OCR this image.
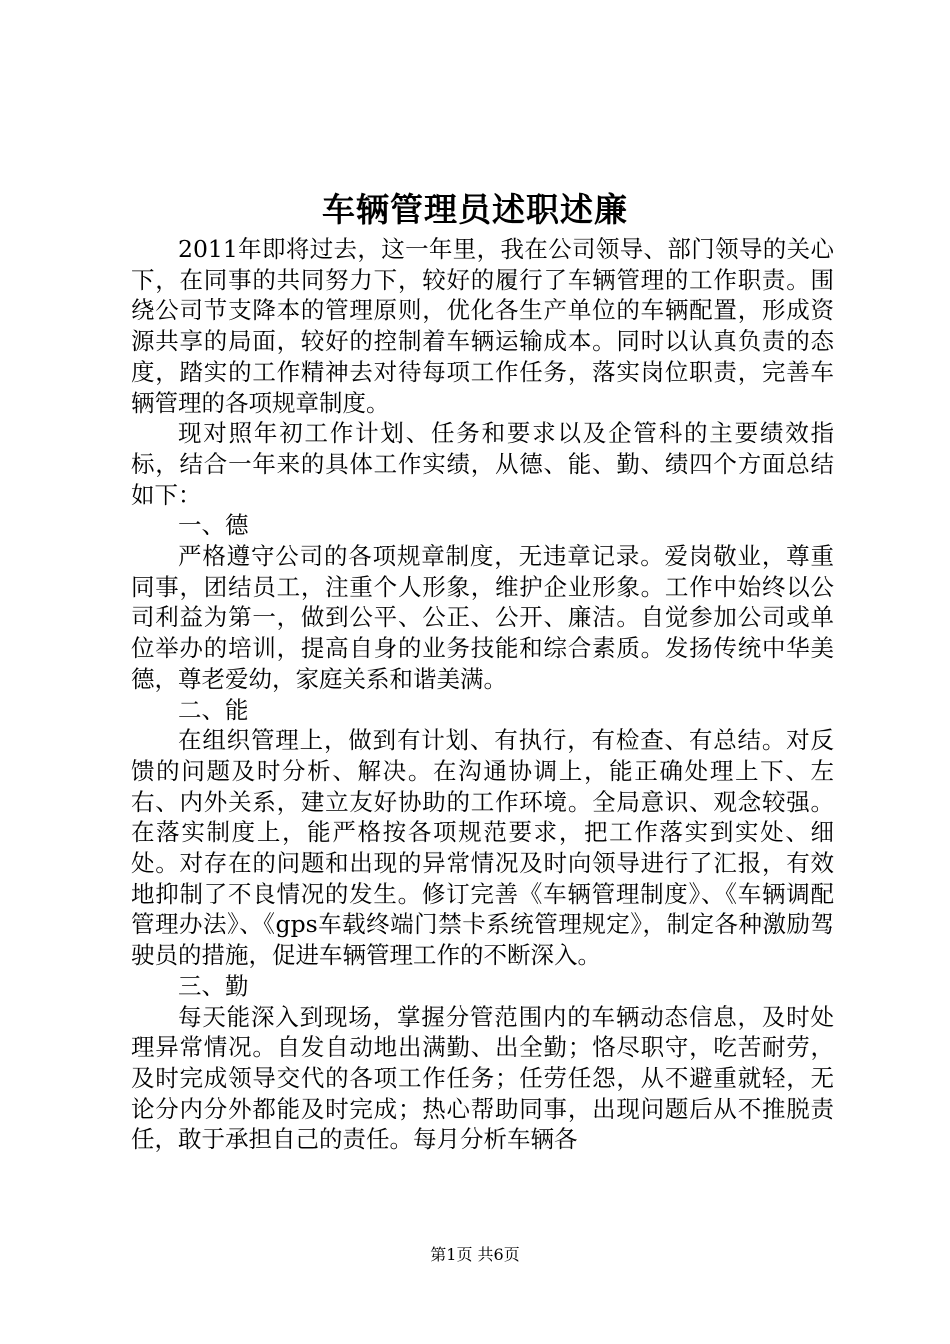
车辆管理员述职述廉

2011年即将过去，这一年里，我在公司领导、部门领导的关心下，在同事的共同努力下，较好的履行了车辆管理的工作职责。围绕公司节支降本的管理原则，优化各生产单位的车辆配置，形成资源共享的局面，较好的控制着车辆运输成本。同时以认真负责的态度，踏实的工作精神去对待每项工作任务，落实岗位职责，完善车辆管理的各项规章制度。

现对照年初工作计划、任务和要求以及企管科的主要绩效指标，结合一年来的具体工作实绩，从德、能、勤、绩四个方面总结如下：

一、德

严格遵守公司的各项规章制度，无违章记录。爱岗敬业，尊重同事，团结员工，注重个人形象，维护企业形象。工作中始终以公司利益为第一，做到公平、公正、公开、廉洁。自觉参加公司或单位举办的培训，提高自身的业务技能和综合素质。发扬传统中华美德，尊老爱幼，家庭关系和谐美满。

二、能

在组织管理上，做到有计划、有执行，有检查、有总结。对反馈的问题及时分析、解决。在沟通协调上，能正确处理上下、左右、内外关系，建立友好协助的工作环境。全局意识、观念较强。在落实制度上，能严格按各项规范要求，把工作落实到实处、细处。对存在的问题和出现的异常情况及时向领导进行了汇报，有效地抑制了不良情况的发生。修订完善《车辆管理制度》、《车辆调配管理办法》、《gps车载终端门禁卡系统管理规定》，制定各种激励驾驶员的措施，促进车辆管理工作的不断深入。

三、勤

每天能深入到现场，掌握分管范围内的车辆动态信息，及时处理异常情况。自发自动地出满勤、出全勤；恪尽职守，吃苦耐劳，及时完成领导交代的各项工作任务；任劳任怨，从不避重就轻，无论分内分外都能及时完成；热心帮助同事，出现问题后从不推脱责任，敢于承担自己的责任。每月分析车辆各

第1页 共6页
